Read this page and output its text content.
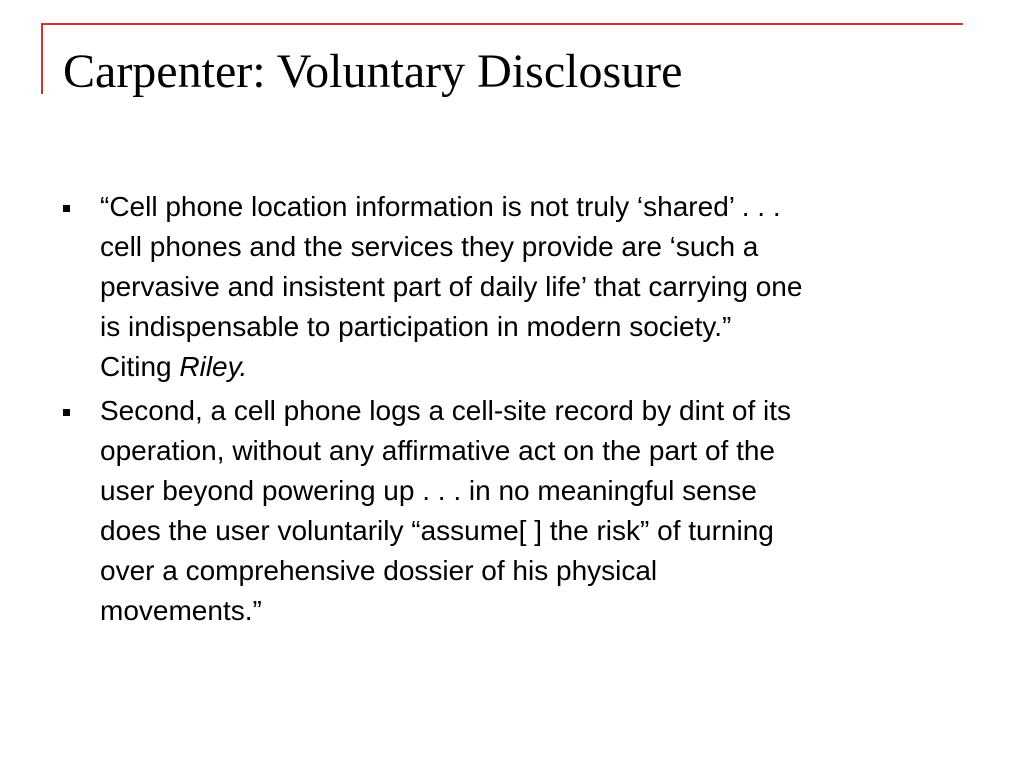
Carpenter: Voluntary Disclosure
“Cell phone location information is not truly ‘shared’ . . .
cell phones and the services they provide are ‘such a
pervasive and insistent part of daily life’ that carrying one
is indispensable to participation in modern society.”
Citing Riley.
Second, a cell phone logs a cell-site record by dint of its
operation, without any affirmative act on the part of the
user beyond powering up . . . in no meaningful sense
does the user voluntarily “assume[ ] the risk” of turning
over a comprehensive dossier of his physical
movements.”
